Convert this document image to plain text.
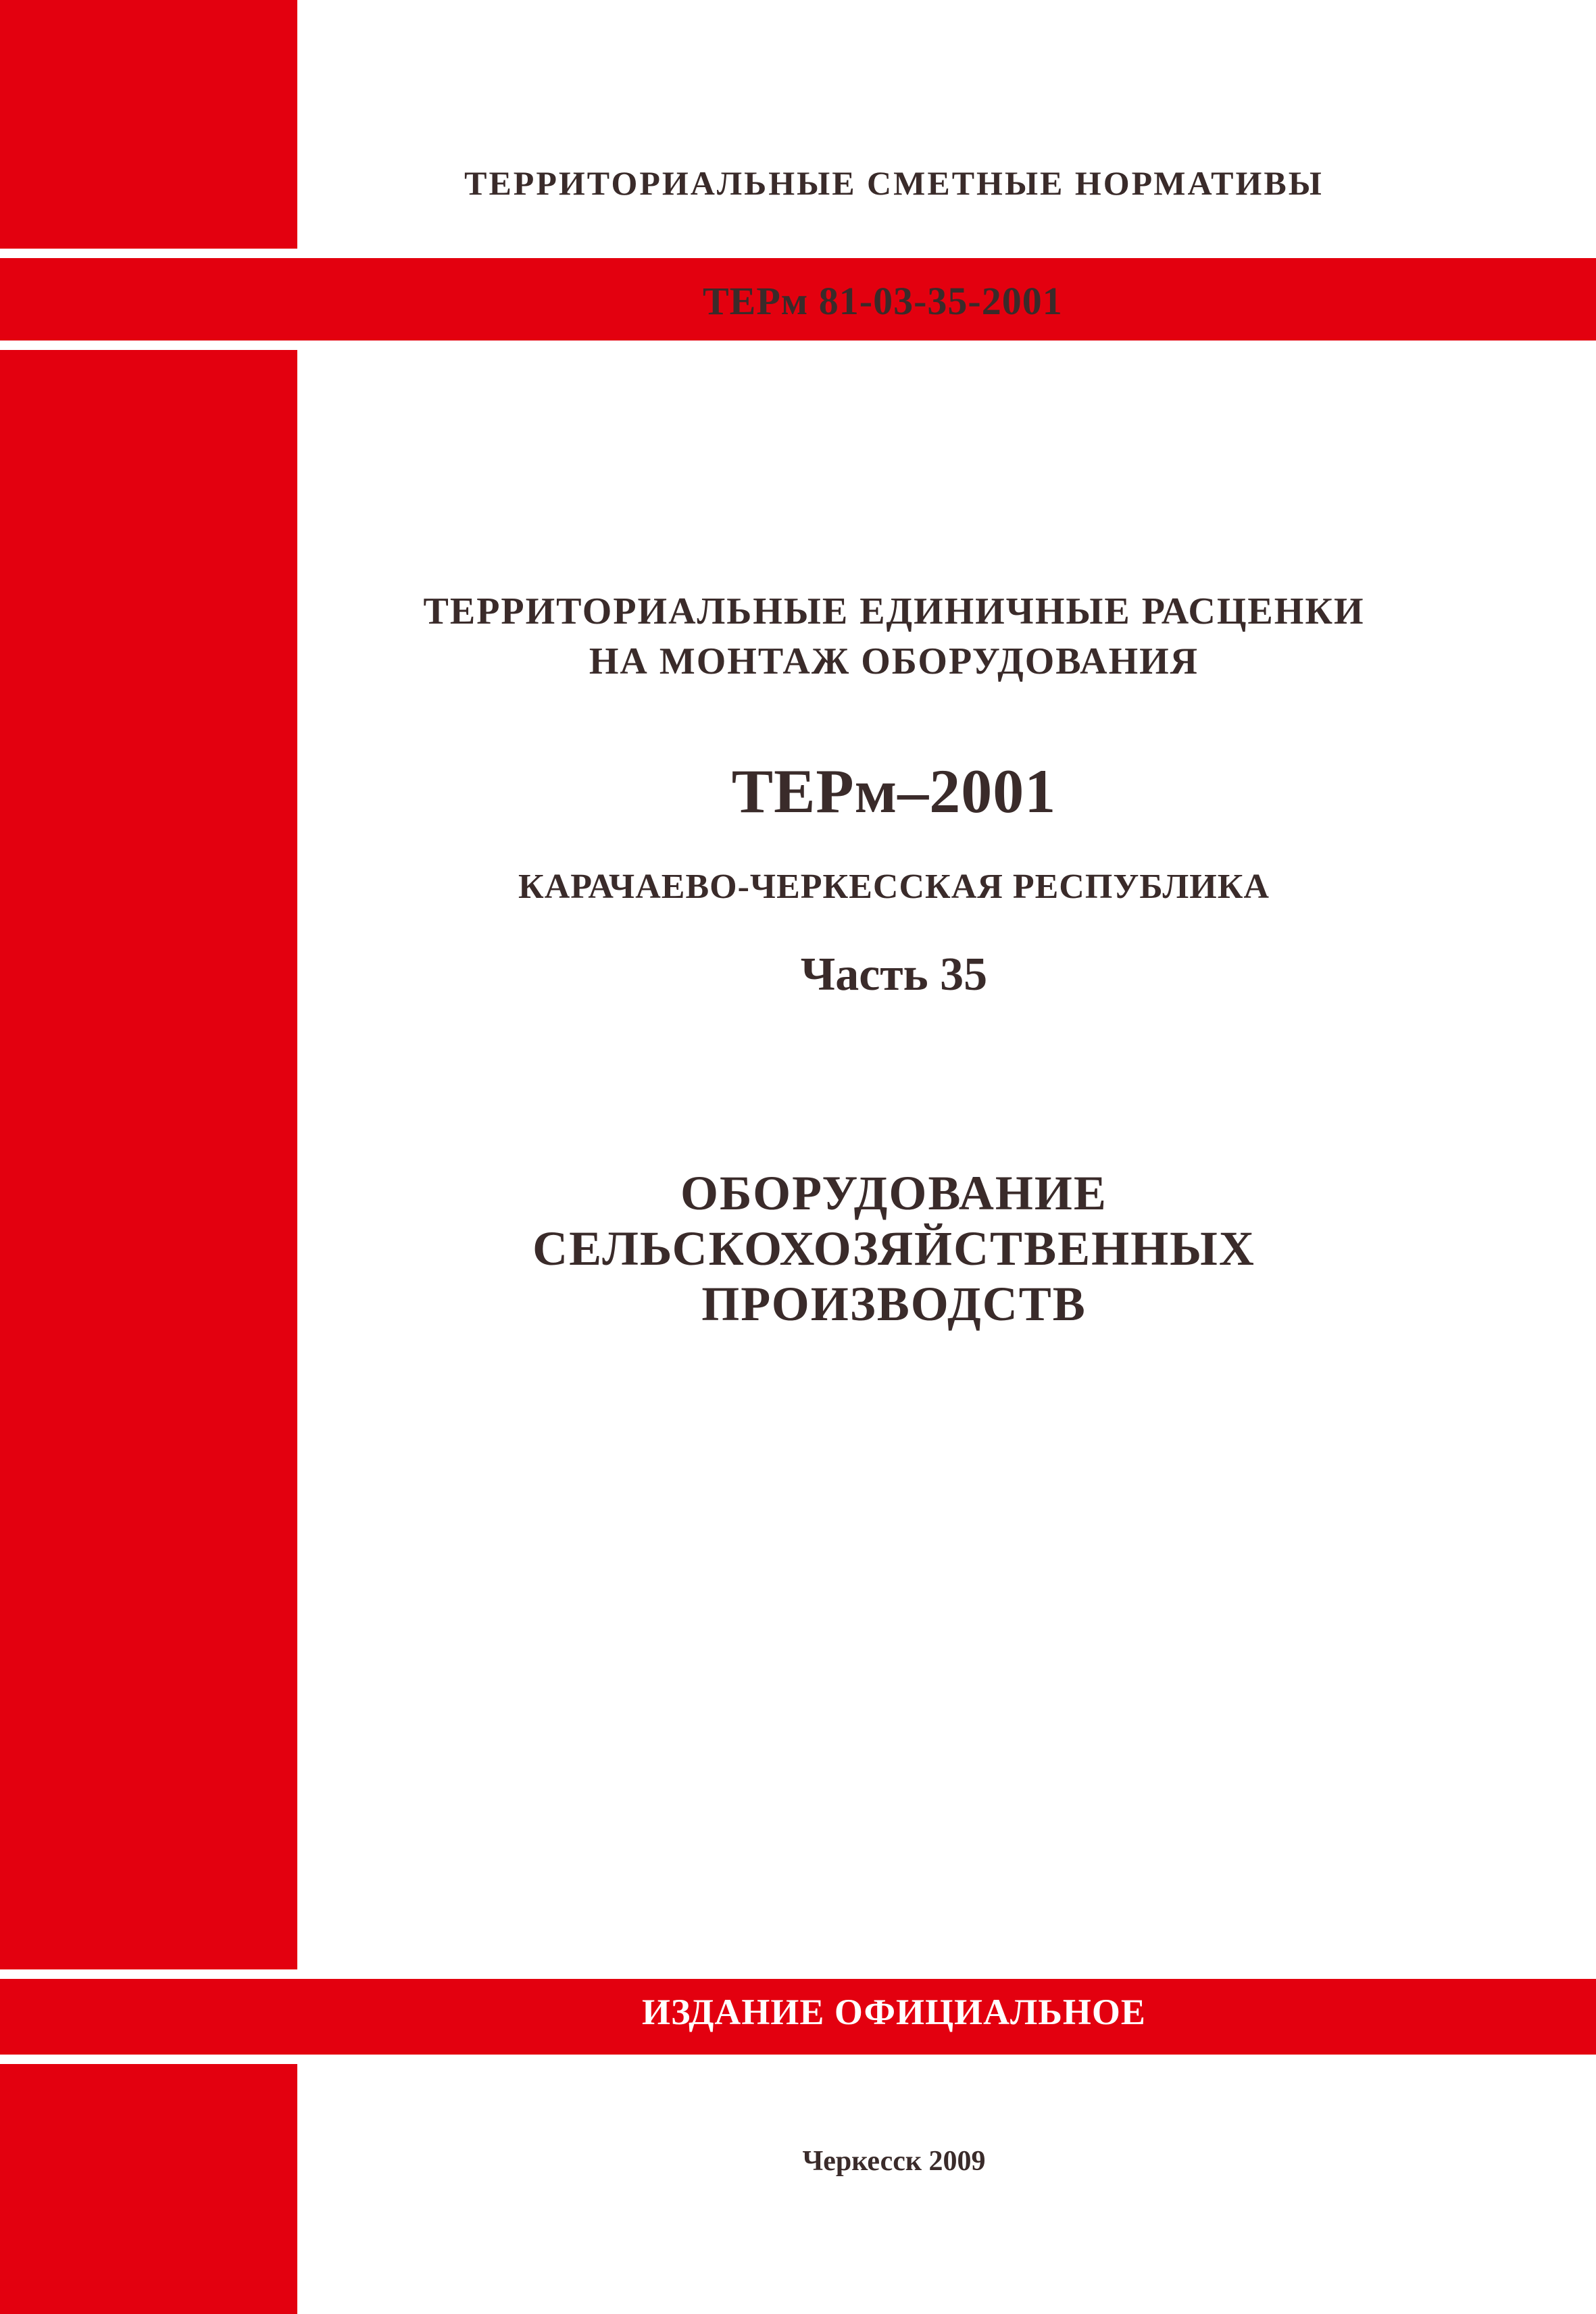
ТЕРРИТОРИАЛЬНЫЕ СМЕТНЫЕ НОРМАТИВЫ

ТЕРм 81-03-35-2001

ТЕРРИТОРИАЛЬНЫЕ ЕДИНИЧНЫЕ РАСЦЕНКИ
НА МОНТАЖ ОБОРУДОВАНИЯ

ТЕРм–2001

КАРАЧАЕВО-ЧЕРКЕССКАЯ РЕСПУБЛИКА

Часть 35

ОБОРУДОВАНИЕ
СЕЛЬСКОХОЗЯЙСТВЕННЫХ
ПРОИЗВОДСТВ

ИЗДАНИЕ ОФИЦИАЛЬНОЕ

Черкесск 2009
